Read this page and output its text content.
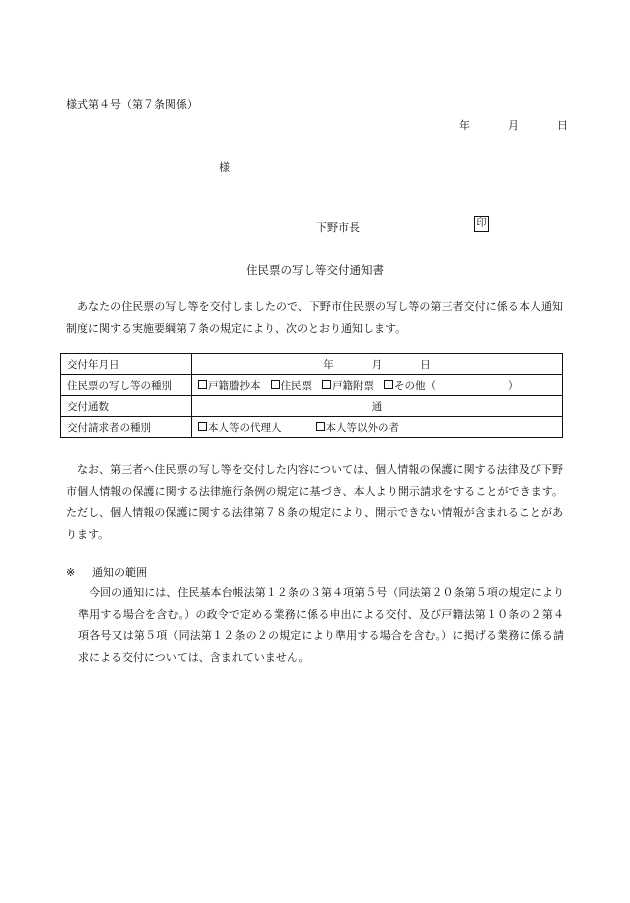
様式第４号（第７条関係）
年	月	日
様
下野市長	印
住民票の写し等交付通知書

あなたの住民票の写し等を交付しましたので、下野市住民票の写し等の第三者交付に係る本人通知制度に関する実施要綱第７条の規定により、次のとおり通知します。

交付年月日	年 月 日
住民票の写し等の種別	戸籍謄抄本 住民票 戸籍附票 その他（ ）
交付通数	通
交付請求者の種別	本人等の代理人 本人等以外の者

なお、第三者へ住民票の写し等を交付した内容については、個人情報の保護に関する法律及び下野市個人情報の保護に関する法律施行条例の規定に基づき、本人より開示請求をすることができます。ただし、個人情報の保護に関する法律第７８条の規定により、開示できない情報が含まれることがあります。

※ 通知の範囲

今回の通知には、住民基本台帳法第１２条の３第４項第５号（同法第２０条第５項の規定により準用する場合を含む。）の政令で定める業務に係る申出による交付、及び戸籍法第１０条の２第４項各号又は第５項（同法第１２条の２の規定により準用する場合を含む。）に掲げる業務に係る請求による交付については、含まれていません。
